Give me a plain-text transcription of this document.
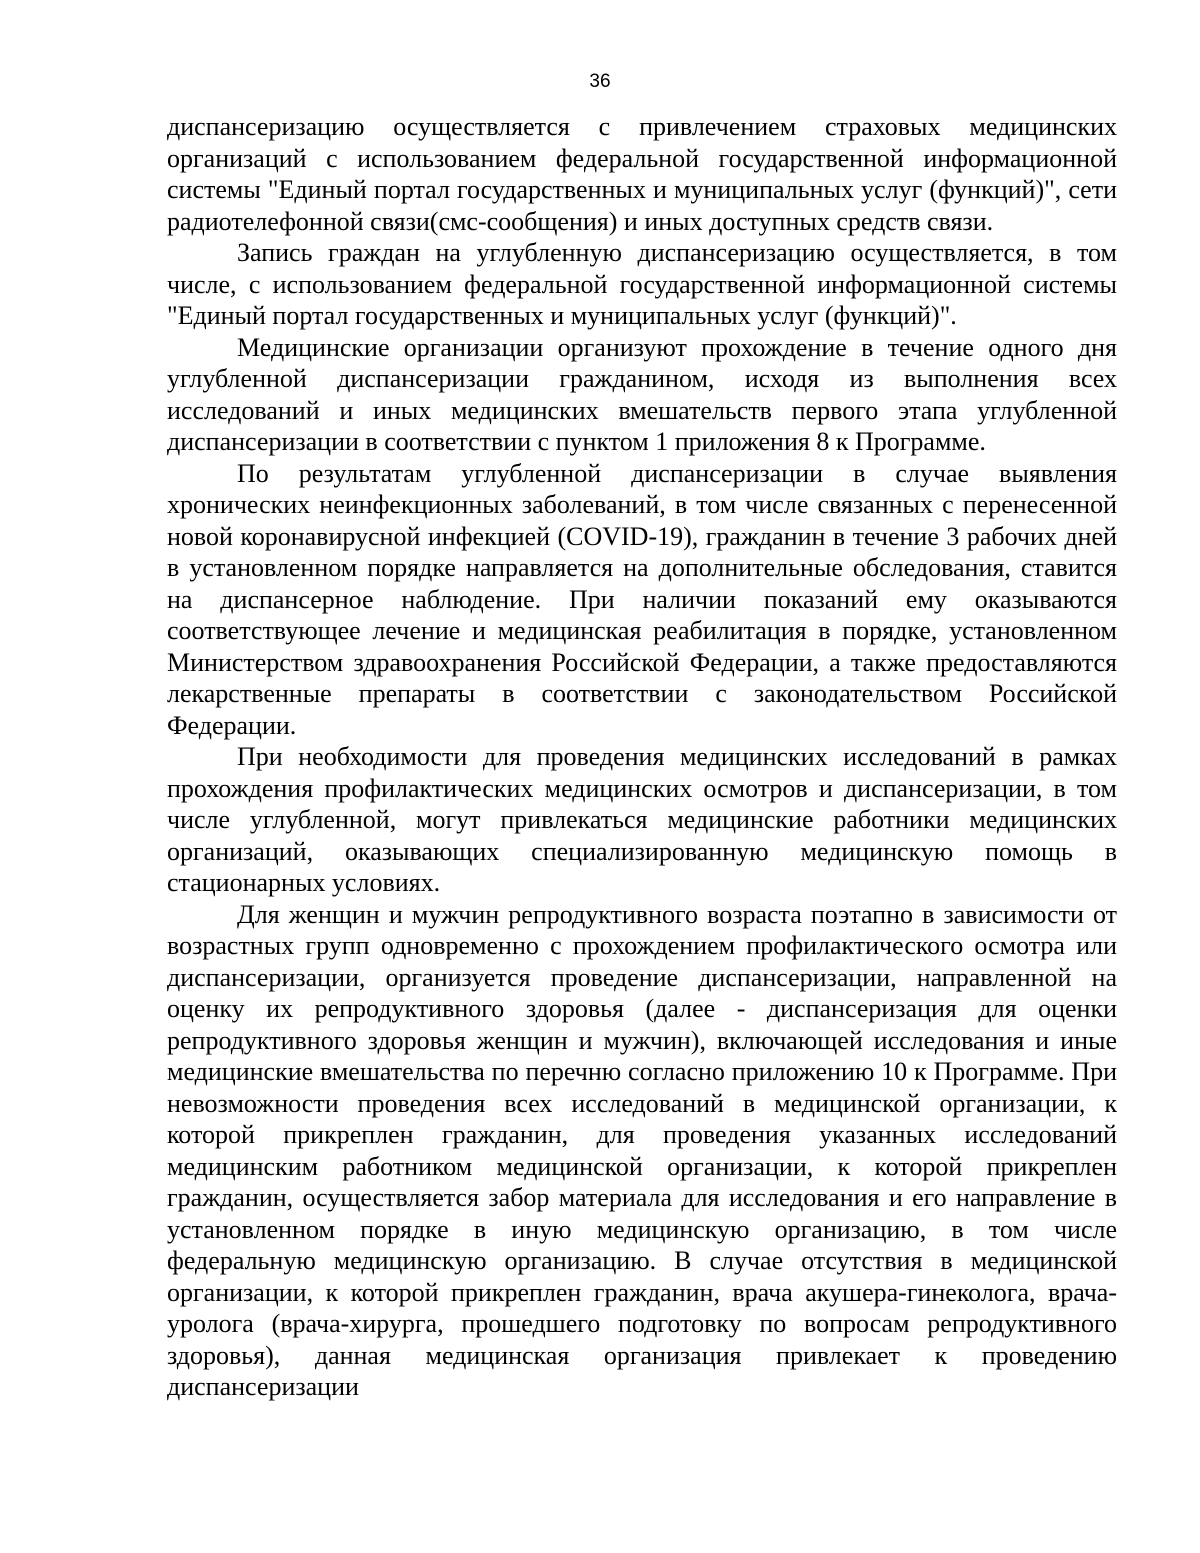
36

диспансеризацию осуществляется с привлечением страховых медицинских организаций с использованием федеральной государственной информационной системы "Единый портал государственных и муниципальных услуг (функций)", сети радиотелефонной связи(смс-сообщения) и иных доступных средств связи.

Запись граждан на углубленную диспансеризацию осуществляется, в том числе, с использованием федеральной государственной информационной системы "Единый портал государственных и муниципальных услуг (функций)".

Медицинские организации организуют прохождение в течение одного дня углубленной диспансеризации гражданином, исходя из выполнения всех исследований и иных медицинских вмешательств первого этапа углубленной диспансеризации в соответствии с пунктом 1 приложения 8 к Программе.

По результатам углубленной диспансеризации в случае выявления хронических неинфекционных заболеваний, в том числе связанных с перенесенной новой коронавирусной инфекцией (COVID-19), гражданин в течение 3 рабочих дней в установленном порядке направляется на дополнительные обследования, ставится на диспансерное наблюдение. При наличии показаний ему оказываются соответствующее лечение и медицинская реабилитация в порядке, установленном Министерством здравоохранения Российской Федерации, а также предоставляются лекарственные препараты в соответствии с законодательством Российской Федерации.

При необходимости для проведения медицинских исследований в рамках прохождения профилактических медицинских осмотров и диспансеризации, в том числе углубленной, могут привлекаться медицинские работники медицинских организаций, оказывающих специализированную медицинскую помощь в стационарных условиях.

Для женщин и мужчин репродуктивного возраста поэтапно в зависимости от возрастных групп одновременно с прохождением профилактического осмотра или диспансеризации, организуется проведение диспансеризации, направленной на оценку их репродуктивного здоровья (далее - диспансеризация для оценки репродуктивного здоровья женщин и мужчин), включающей исследования и иные медицинские вмешательства по перечню согласно приложению 10 к Программе. При невозможности проведения всех исследований в медицинской организации, к которой прикреплен гражданин, для проведения указанных исследований медицинским работником медицинской организации, к которой прикреплен гражданин, осуществляется забор материала для исследования и его направление в установленном порядке в иную медицинскую организацию, в том числе федеральную медицинскую организацию. В случае отсутствия в медицинской организации, к которой прикреплен гражданин, врача акушера-гинеколога, врача-уролога (врача-хирурга, прошедшего подготовку по вопросам репродуктивного здоровья), данная медицинская организация привлекает к проведению диспансеризации
